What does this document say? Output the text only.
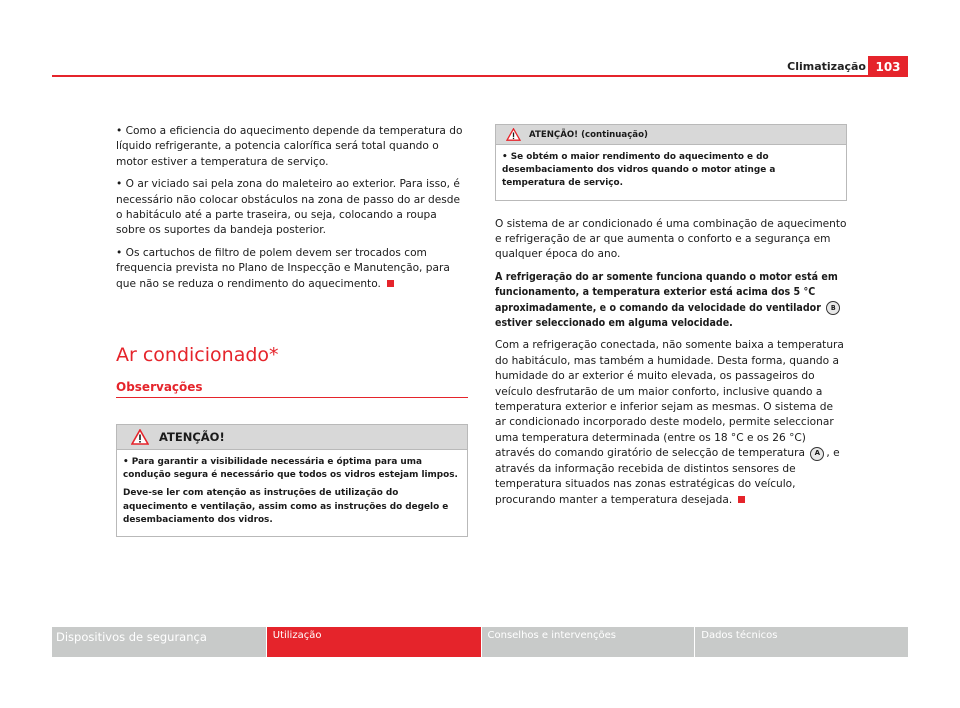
Climatização 103

• Como a eficiencia do aquecimento depende da temperatura do líquido refrigerante, a potencia calorífica será total quando o motor estiver a temperatura de serviço.

• O ar viciado sai pela zona do maleteiro ao exterior. Para isso, é necessário não colocar obstáculos na zona de passo do ar desde o habitáculo até a parte traseira, ou seja, colocando a roupa sobre os suportes da bandeja posterior.

• Os cartuchos de filtro de polem devem ser trocados com frequencia prevista no Plano de Inspecção e Manutenção, para que não se reduza o rendimento do aquecimento.

Ar condicionado*
Observações
ATENÇÃO!

• Para garantir a visibilidade necessária e óptima para uma condução segura é necessário que todos os vidros estejam limpos.

Deve-se ler com atenção as instruções de utilização do aquecimento e ventilação, assim como as instruções do degelo e desembaciamento dos vidros.

ATENÇÃO! (continuação)

• Se obtém o maior rendimento do aquecimento e do desembaciamento dos vidros quando o motor atinge a temperatura de serviço.

O sistema de ar condicionado é uma combinação de aquecimento e refrigeração de ar que aumenta o conforto e a segurança em qualquer época do ano.

A refrigeração do ar somente funciona quando o motor está em funcionamento, a temperatura exterior está acima dos 5 °C aproximadamente, e o comando da velocidade do ventilador B estiver seleccionado em alguma velocidade.

Com a refrigeração conectada, não somente baixa a temperatura do habitáculo, mas também a humidade. Desta forma, quando a humidade do ar exterior é muito elevada, os passageiros do veículo desfrutarão de um maior conforto, inclusive quando a temperatura exterior e inferior sejam as mesmas. O sistema de ar condicionado incorporado deste modelo, permite seleccionar uma temperatura determinada (entre os 18 °C e os 26 °C) através do comando giratório de selecção de temperatura A , e através da informação recebida de distintos sensores de temperatura situados nas zonas estratégicas do veículo, procurando manter a temperatura desejada.

Dispositivos de segurança	Utilização	Conselhos e intervenções	Dados técnicos
